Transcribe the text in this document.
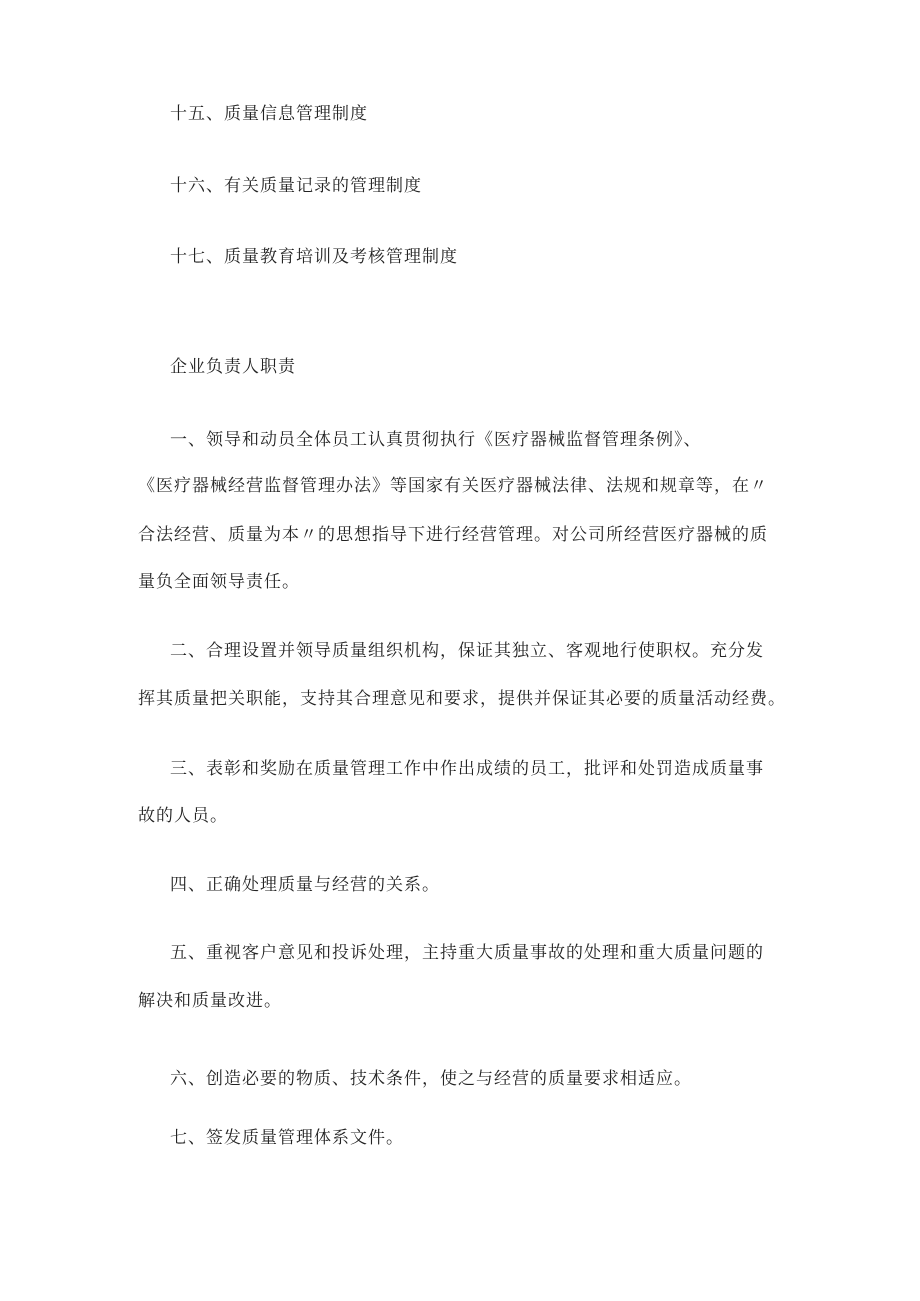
十五、质量信息管理制度
十六、有关质量记录的管理制度
十七、质量教育培训及考核管理制度
企业负责人职责
一、领导和动员全体员工认真贯彻执行《医疗器械监督管理条例》、
《医疗器械经营监督管理办法》等国家有关医疗器械法律、法规和规章等，在〃
合法经营、质量为本〃的思想指导下进行经营管理。对公司所经营医疗器械的质
量负全面领导责任。
二、合理设置并领导质量组织机构，保证其独立、客观地行使职权。充分发
挥其质量把关职能，支持其合理意见和要求，提供并保证其必要的质量活动经费。
三、表彰和奖励在质量管理工作中作出成绩的员工，批评和处罚造成质量事
故的人员。
四、正确处理质量与经营的关系。
五、重视客户意见和投诉处理，主持重大质量事故的处理和重大质量问题的
解决和质量改进。
六、创造必要的物质、技术条件，使之与经营的质量要求相适应。
七、签发质量管理体系文件。
